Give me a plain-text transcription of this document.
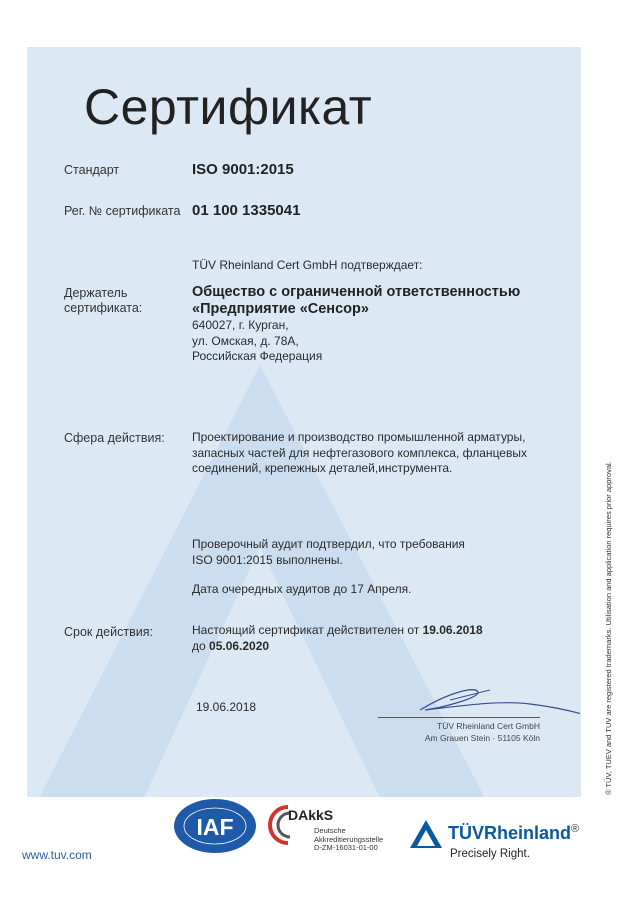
Сертификат
Стандарт	ISO 9001:2015
Рег. № сертификата 01 100 1335041
TÜV Rheinland Cert GmbH подтверждает:
Держатель
сертификата:
Общество с ограниченной ответственностью
«Предприятие «Сенсор»
640027, г. Курган,
ул. Омская, д. 78А,
Российская Федерация
Сфера действия: Проектирование и производство промышленной арматуры,
запасных частей для нефтегазового комплекса, фланцевых
соединений, крепежных деталей,инструмента.
Проверочный аудит подтвердил, что требования
ISO 9001:2015 выполнены.
Дата очередных аудитов до 17 Апреля.
Срок действия:	Настоящий сертификат действителен от 19.06.2018
до 05.06.2020
19.06.2018
TÜV Rheinland Cert GmbH
Am Grauen Stein · 51105 Köln	® TÜV, TUEV and TUV are registered trademarks. Utilisation and application requires prior approval.
www.tuv.com
IAF	DAkkS
Deutsche
Akkreditierungsstelle
D-ZM-16031-01-00
TÜVRheinland®
Precisely Right.
